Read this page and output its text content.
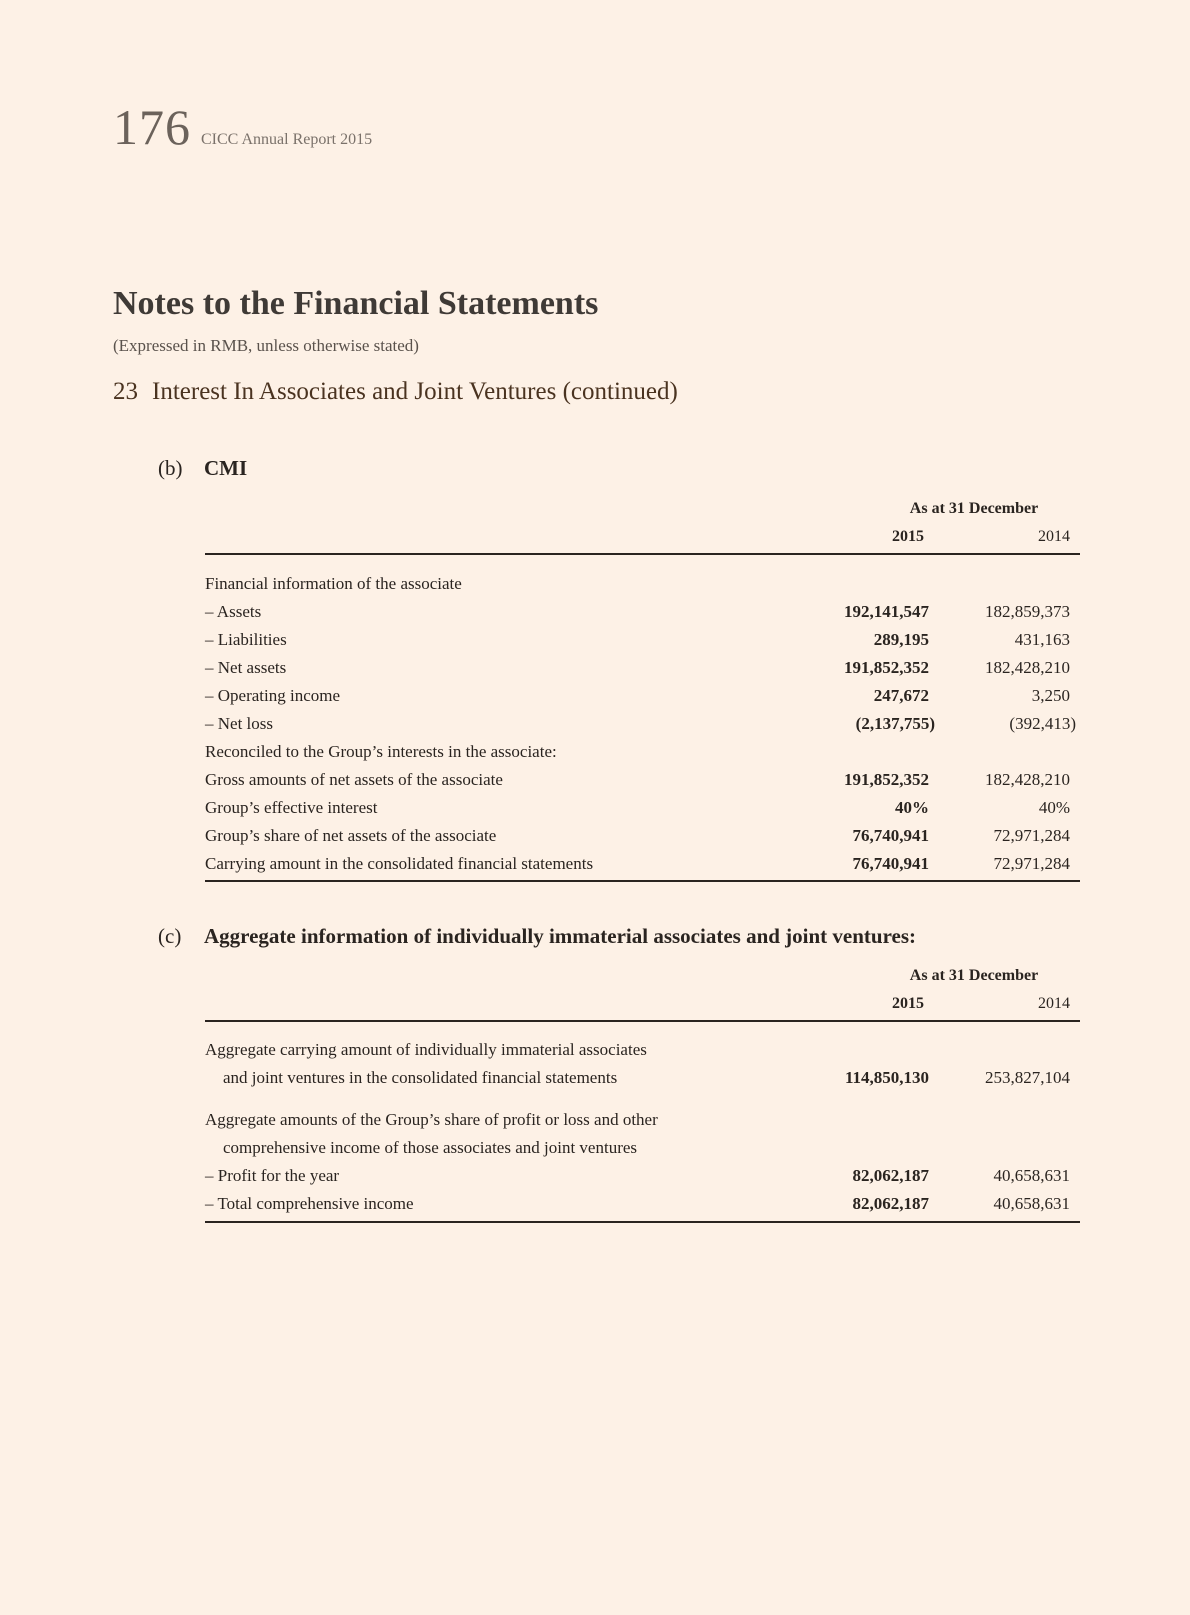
176 CICC Annual Report 2015
Notes to the Financial Statements
(Expressed in RMB, unless otherwise stated)
23 Interest In Associates and Joint Ventures (continued)
(b) CMI
As at 31 December
2015	2014
Financial information of the associate
– Assets	192,141,547	182,859,373
– Liabilities	289,195	431,163
– Net assets	191,852,352	182,428,210
– Operating income	247,672	3,250
– Net loss	(2,137,755)	(392,413)
Reconciled to the Group’s interests in the associate:
Gross amounts of net assets of the associate	191,852,352	182,428,210
Group’s effective interest	40%	40%
Group’s share of net assets of the associate	76,740,941	72,971,284
Carrying amount in the consolidated financial statements	76,740,941	72,971,284
(c) Aggregate information of individually immaterial associates and joint ventures:
As at 31 December
2015	2014
Aggregate carrying amount of individually immaterial associates
and joint ventures in the consolidated financial statements	114,850,130	253,827,104
Aggregate amounts of the Group’s share of profit or loss and other
comprehensive income of those associates and joint ventures
– Profit for the year	82,062,187	40,658,631
– Total comprehensive income	82,062,187	40,658,631
